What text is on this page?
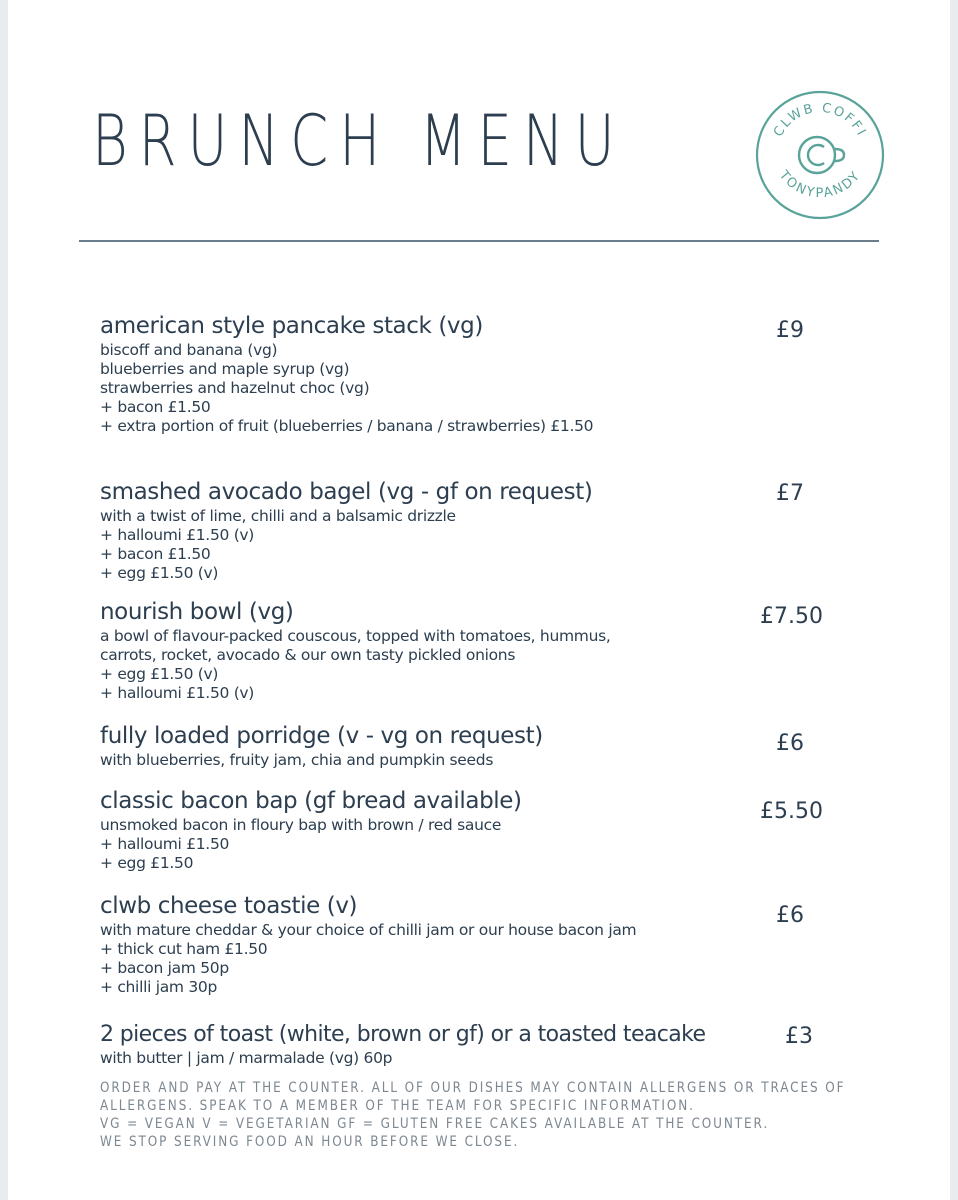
BRUNCH MENU	CLWB COFFI
TONYPANDY
american style pancake stack (vg)
biscoff and banana (vg)
blueberries and maple syrup (vg)
strawberries and hazelnut choc (vg)
+ bacon £1.50
+ extra portion of fruit (blueberries / banana / strawberries) £1.50
£9
smashed avocado bagel (vg - gf on request)
with a twist of lime, chilli and a balsamic drizzle
+ halloumi £1.50 (v)
+ bacon £1.50
+ egg £1.50 (v)
£7
nourish bowl (vg)
a bowl of flavour-packed couscous, topped with tomatoes, hummus,
carrots, rocket, avocado & our own tasty pickled onions
+ egg £1.50 (v)
+ halloumi £1.50 (v)
£7.50
fully loaded porridge (v - vg on request)
with blueberries, fruity jam, chia and pumpkin seeds
£6
classic bacon bap (gf bread available)
unsmoked bacon in floury bap with brown / red sauce
+ halloumi £1.50
+ egg £1.50
£5.50
clwb cheese toastie (v)
with mature cheddar & your choice of chilli jam or our house bacon jam
+ thick cut ham £1.50
+ bacon jam 50p
+ chilli jam 30p
£6
2 pieces of toast (white, brown or gf) or a toasted teacake
with butter | jam / marmalade (vg) 60p
£3
ORDER AND PAY AT THE COUNTER. ALL OF OUR DISHES MAY CONTAIN ALLERGENS OR TRACES OF
ALLERGENS. SPEAK TO A MEMBER OF THE TEAM FOR SPECIFIC INFORMATION.
VG = VEGAN V = VEGETARIAN GF = GLUTEN FREE CAKES AVAILABLE AT THE COUNTER.
WE STOP SERVING FOOD AN HOUR BEFORE WE CLOSE.
